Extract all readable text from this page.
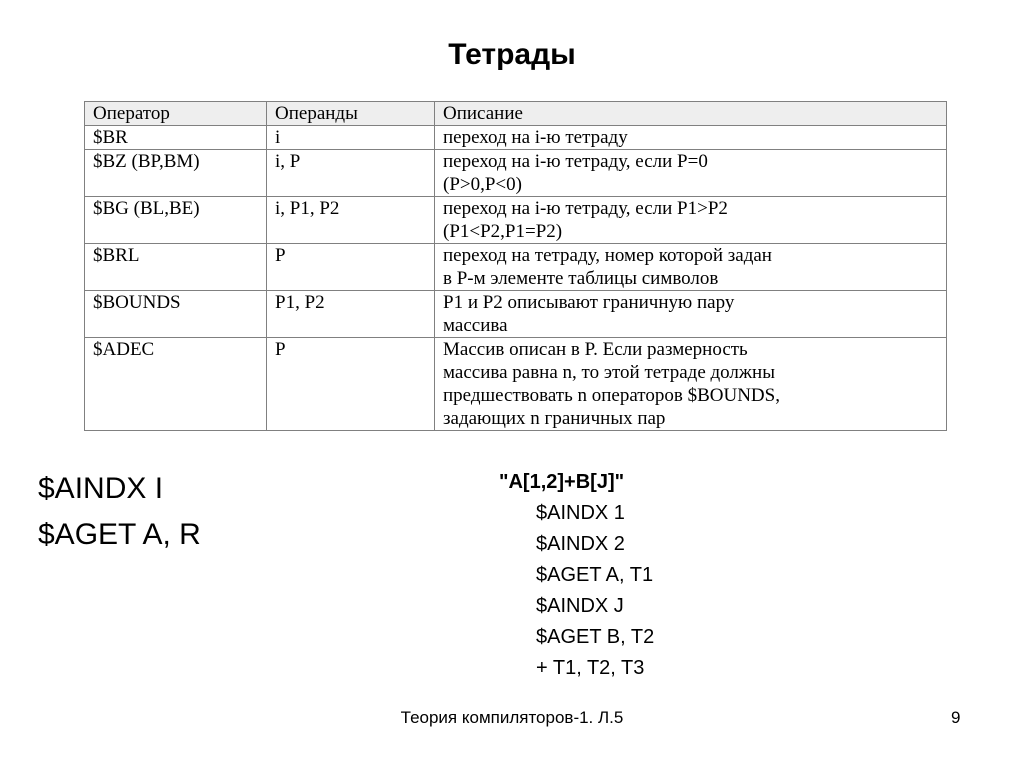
Тетрады
Оператор	Операнды	Описание
$BR	i	переход на i-ю тетраду

$BZ (BP,BM)	i, P	переход на i-ю тетраду, если P=0
(P>0,P<0)

$BG (BL,BE)	i, P1, P2	переход на i-ю тетраду, если P1>P2
(P1<P2,P1=P2)

$BRL	P	переход на тетраду, номер которой задан
в P-м элементе таблицы символов

$BOUNDS	P1, P2	P1 и P2 описывают граничную пару
массива

$ADEC	P	Массив описан в P. Если размерность
массива равна n, то этой тетраде должны
предшествовать n операторов $BOUNDS,
задающих n граничных пар
$AINDX I
$AGET A, R
"A[1,2]+B[J]"
$AINDX 1
$AINDX 2
$AGET A, T1
$AINDX J
$AGET B, T2
+ T1, T2, T3
Теория компиляторов-1. Л.5	9
